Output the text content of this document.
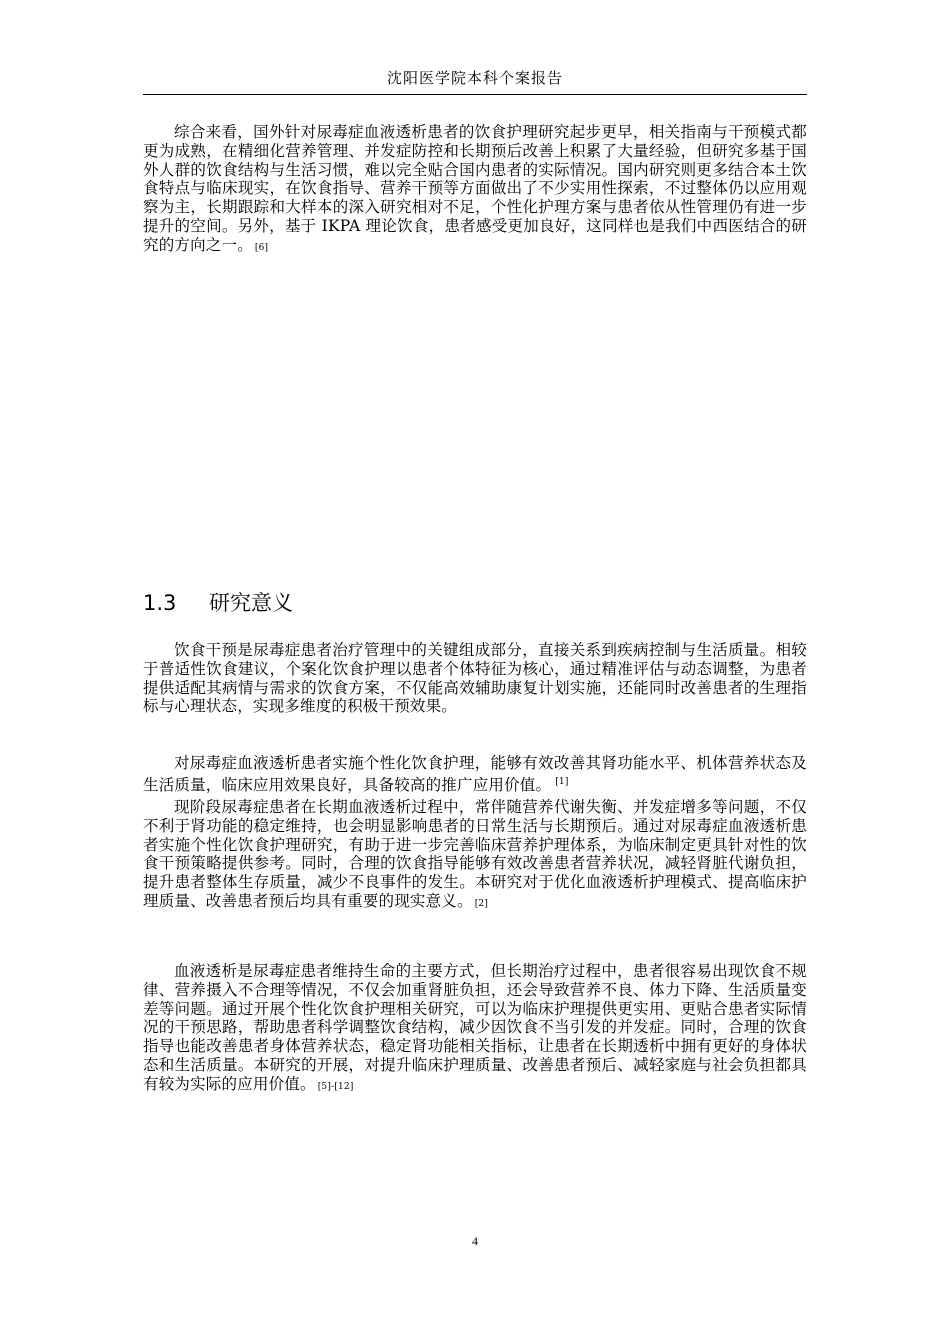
沈阳医学院本科个案报告

综合来看，国外针对尿毒症血液透析患者的饮食护理研究起步更早，相关指南与干预模式都更为成熟，在精细化营养管理、并发症防控和长期预后改善上积累了大量经验，但研究多基于国外人群的饮食结构与生活习惯，难以完全贴合国内患者的实际情况。国内研究则更多结合本土饮食特点与临床现实，在饮食指导、营养干预等方面做出了不少实用性探索，不过整体仍以应用观察为主，长期跟踪和大样本的深入研究相对不足，个性化护理方案与患者依从性管理仍有进一步提升的空间。另外，基于 IKPA 理论饮食，患者感受更加良好，这同样也是我们中西医结合的研究的方向之一。 [6]

1.3 研究意义

饮食干预是尿毒症患者治疗管理中的关键组成部分，直接关系到疾病控制与生活质量。相较于普适性饮食建议，个案化饮食护理以患者个体特征为核心，通过精准评估与动态调整，为患者提供适配其病情与需求的饮食方案，不仅能高效辅助康复计划实施，还能同时改善患者的生理指标与心理状态，实现多维度的积极干预效果。

对尿毒症血液透析患者实施个性化饮食护理，能够有效改善其肾功能水平、机体营养状态及生活质量，临床应用效果良好，具备较高的推广应用价值。 [1]

现阶段尿毒症患者在长期血液透析过程中，常伴随营养代谢失衡、并发症增多等问题，不仅不利于肾功能的稳定维持，也会明显影响患者的日常生活与长期预后。通过对尿毒症血液透析患者实施个性化饮食护理研究，有助于进一步完善临床营养护理体系，为临床制定更具针对性的饮食干预策略提供参考。同时，合理的饮食指导能够有效改善患者营养状况，减轻肾脏代谢负担，提升患者整体生存质量，减少不良事件的发生。本研究对于优化血液透析护理模式、提高临床护理质量、改善患者预后均具有重要的现实意义。 [2]

血液透析是尿毒症患者维持生命的主要方式，但长期治疗过程中，患者很容易出现饮食不规律、营养摄入不合理等情况，不仅会加重肾脏负担，还会导致营养不良、体力下降、生活质量变差等问题。通过开展个性化饮食护理相关研究，可以为临床护理提供更实用、更贴合患者实际情况的干预思路，帮助患者科学调整饮食结构，减少因饮食不当引发的并发症。同时，合理的饮食指导也能改善患者身体营养状态，稳定肾功能相关指标，让患者在长期透析中拥有更好的身体状态和生活质量。本研究的开展，对提升临床护理质量、改善患者预后、减轻家庭与社会负担都具有较为实际的应用价值。 [5]-[12]

4
